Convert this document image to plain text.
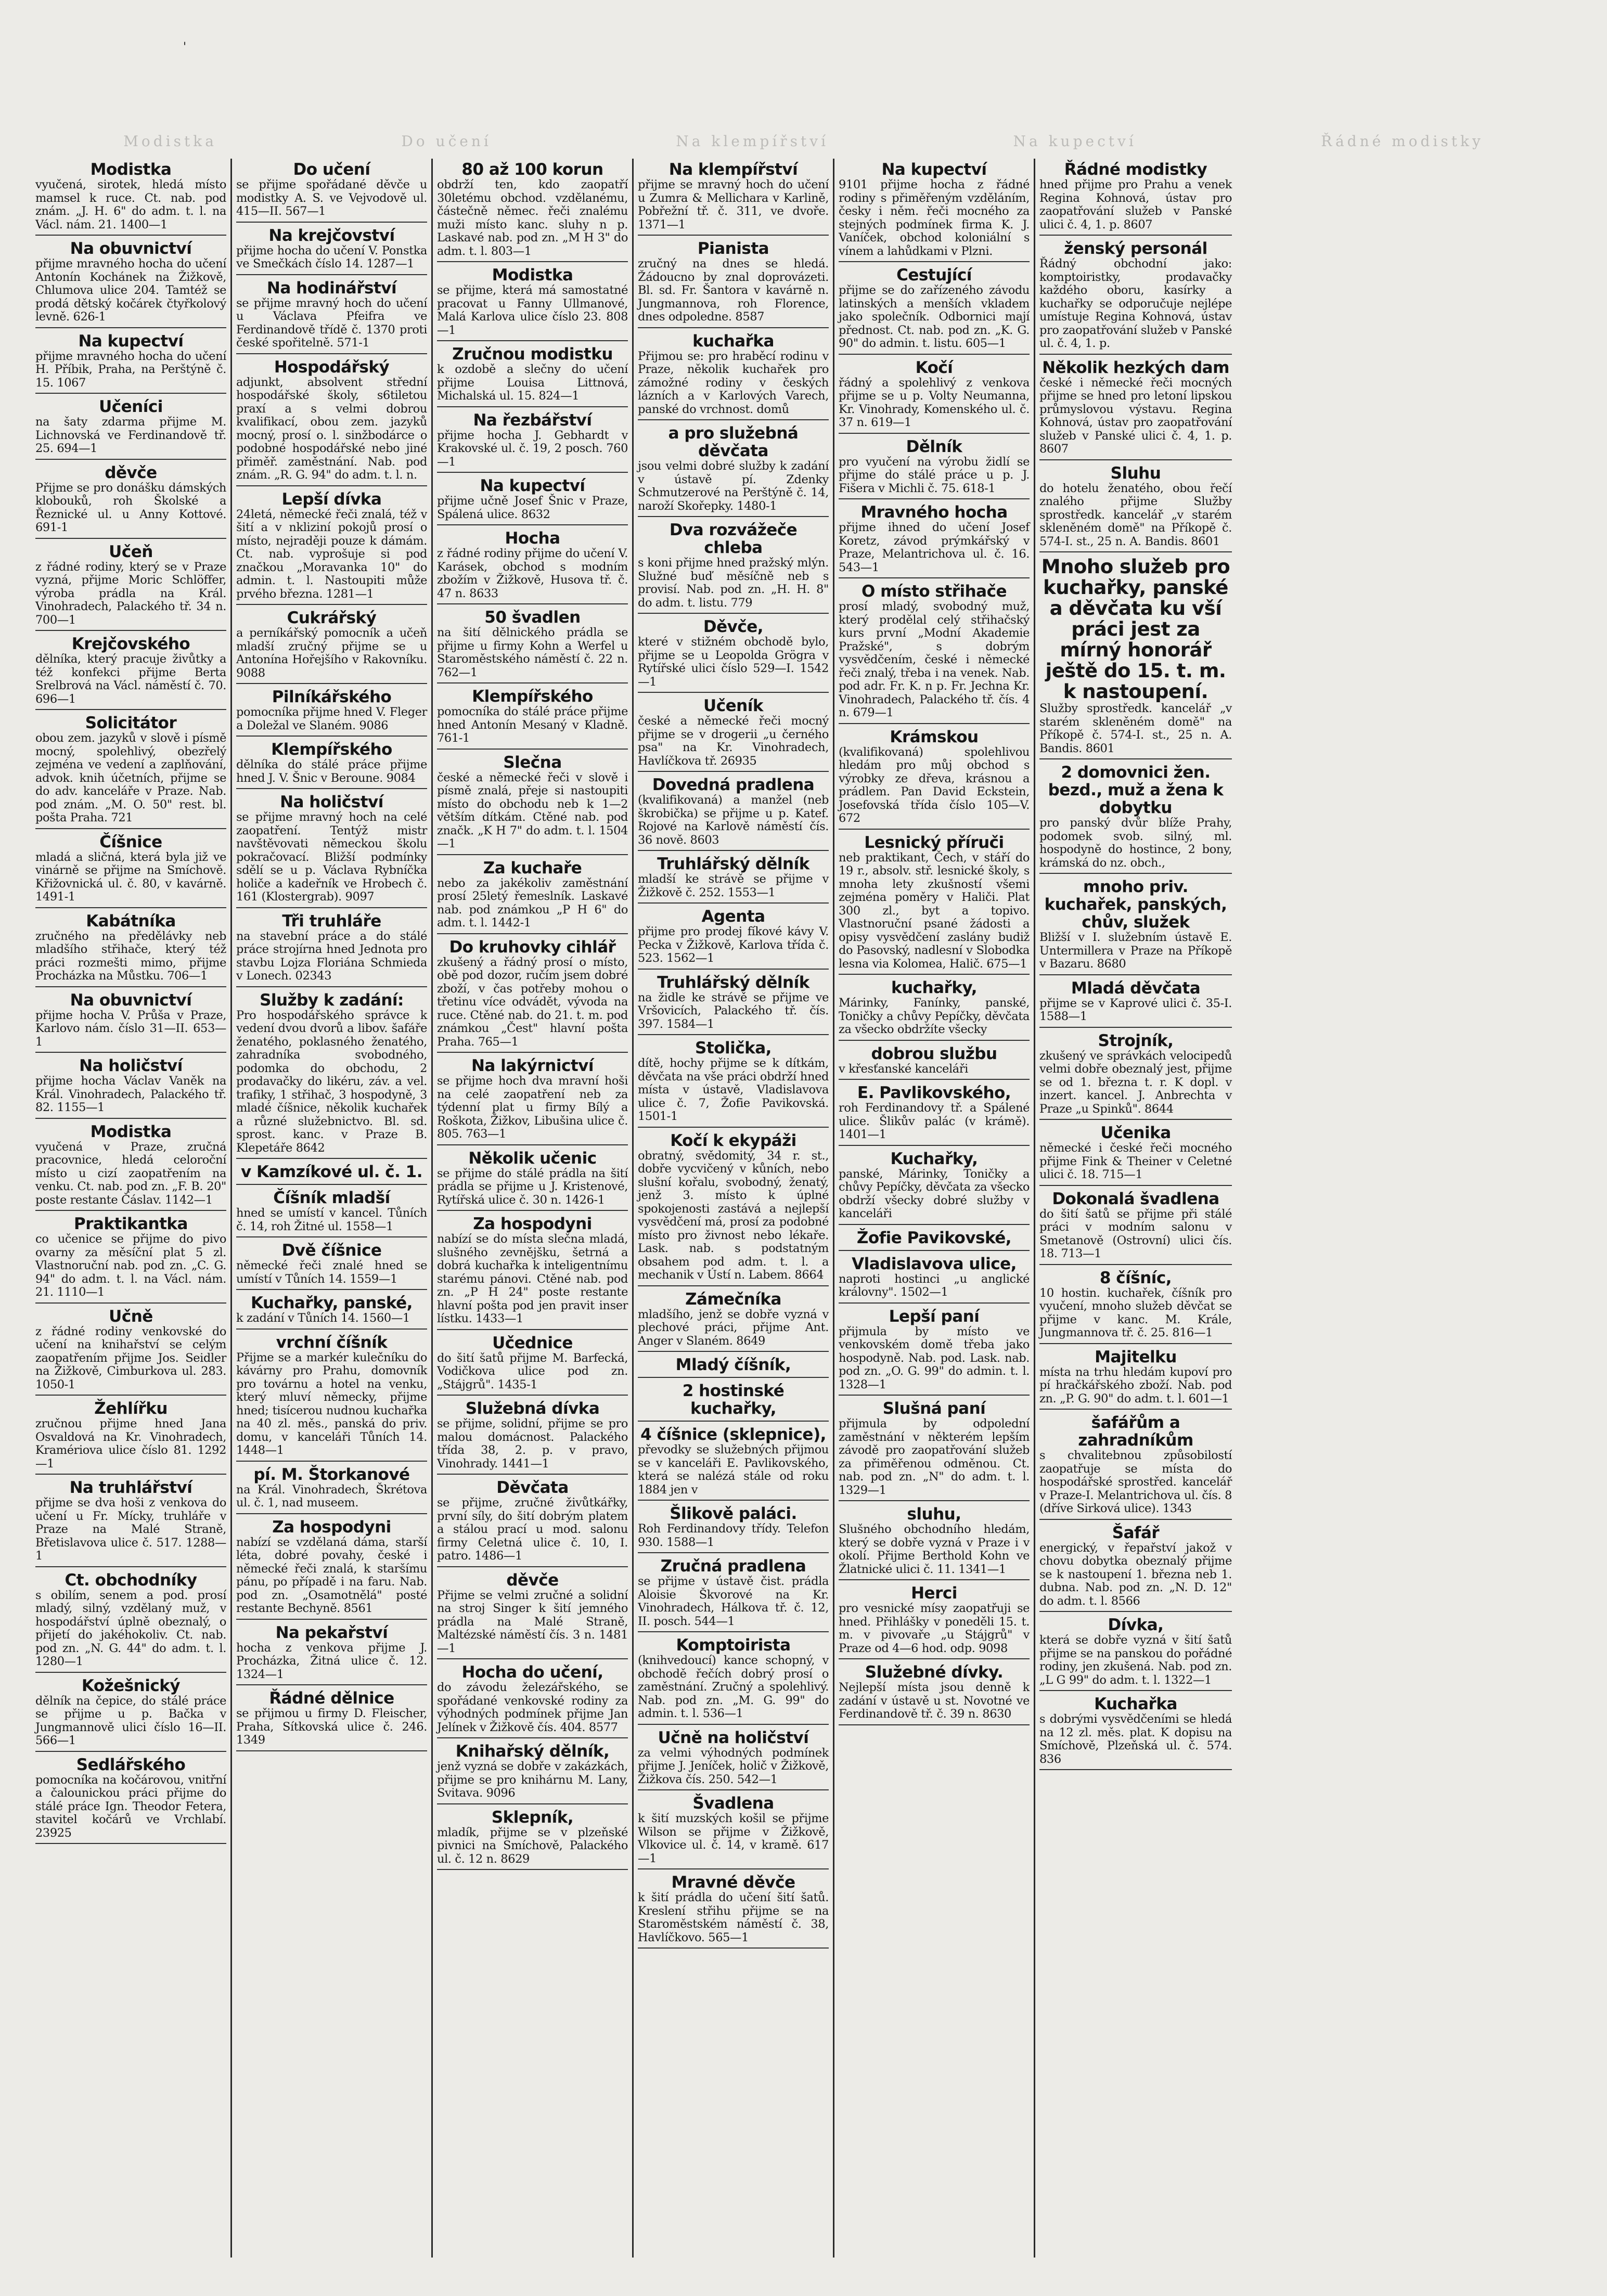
'
Modistka	Do učení	Na klempířství	Na kupectví	Řádné modistky
Modistka

vyučená, sirotek, hledá místo mamsel k ruce. Ct. nab. pod znám. „J. H. 6" do adm. t. l. na Václ. nám. 21. 1400—1

Na obuvnictví

přijme mravného hocha do učení Antonín Kochánek na Žižkově, Chlumova ulice 204. Tamtéž se prodá dětský kočárek čtyřkolový levně. 626-1

Na kupectví

přijme mravného hocha do učení H. Příbik, Praha, na Perštýně č. 15. 1067

Učeníci

na šaty zdarma přijme M. Lichnovská ve Ferdinandově tř. 25. 694—1

děvče

Přijme se pro donášku dámských klobouků, roh Školské a Řeznické ul. u Anny Kottové. 691-1

Učeň

z řádné rodiny, který se v Praze vyzná, přijme Moric Schlöffer, výroba prádla na Král. Vinohradech, Palackého tř. 34 n. 700—1

Krejčovského

dělníka, který pracuje živůtky a též konfekci přijme Berta Srelbrová na Václ. náměstí č. 70. 696—1

Solicitátor

obou zem. jazyků v slově i písmě mocný, spolehlivý, obezřelý zejména ve vedení a zaplňování, advok. knih účetních, přijme se do adv. kanceláře v Praze. Nab. pod znám. „M. O. 50" rest. bl. pošta Praha. 721

Číšnice

mladá a sličná, která byla již ve vinárně se přijme na Smíchově. Křižovnická ul. č. 80, v kavárně. 1491-1

Kabátníka

zručného na předělávky neb mladšího střihače, který též práci rozmešti mimo, přijme Procházka na Můstku. 706—1

Na obuvnictví

přijme hocha V. Průša v Praze, Karlovo nám. číslo 31—II. 653—1

Na holičství

přijme hocha Václav Vaněk na Král. Vinohradech, Palackého tř. 82. 1155—1

Modistka

vyučená v Praze, zručná pracovnice, hledá celoroční místo u cizí zaopatřením na venku. Ct. nab. pod zn. „F. B. 20" poste restante Čáslav. 1142—1

Praktikantka

co učenice se přijme do pivo ovarny za měsíční plat 5 zl. Vlastnoruční nab. pod zn. „C. G. 94" do adm. t. l. na Václ. nám. 21. 1110—1

Učně

z řádné rodiny venkovské do učení na knihařství se celým zaopatřením přijme Jos. Seidler na Žižkově, Cimburkova ul. 283. 1050-1

Žehlířku

zručnou přijme hned Jana Osvaldová na Kr. Vinohradech, Kramériova ulice číslo 81. 1292—1

Na truhlářství

přijme se dva hoši z venkova do učení u Fr. Mícky, truhláře v Praze na Malé Straně, Břetislavova ulice č. 517. 1288—1

Ct. obchodníky

s obilím, senem a pod. prosí mladý, silný, vzdělaný muž, v hospodářství úplně obeznalý, o přijetí do jakéhokoliv. Ct. nab. pod zn. „N. G. 44" do adm. t. l. 1280—1

Kožešnický

dělník na čepice, do stálé práce se přijme u p. Bačka v Jungmannově ulici číslo 16—II. 566—1

Sedlářského

pomocníka na kočárovou, vnitřní a čalounickou práci přijme do stálé práce Ign. Theodor Fetera, stavitel kočárů ve Vrchlabí. 23925

Do učení

se přijme spořádané děvče u modistky A. S. ve Vejvodově ul. 415—II. 567—1

Na krejčovství

přijme hocha do učení V. Ponstka ve Smečkách číslo 14. 1287—1

Na hodinářství

se přijme mravný hoch do učení u Václava Pfeifra ve Ferdinandově třídě č. 1370 proti české spořitelně. 571-1

Hospodářský

adjunkt, absolvent střední hospodářské školy, s6tiletou praxí a s velmi dobrou kvalifikací, obou zem. jazyků mocný, prosí o. l. sinžbodárce o podobné hospodářské nebo jiné přiměř. zaměstnání. Nab. pod znám. „R. G. 94" do adm. t. l. n.

Lepší dívka

24letá, německé řeči znalá, též v šití a v nkliziní pokojů prosí o místo, nejraději pouze k dámám. Ct. nab. vyprošuje si pod značkou „Moravanka 10" do admin. t. l. Nastoupiti může prvého března. 1281—1

Cukrářský

a perníkářský pomocník a učeň mladší zručný přijme se u Antonína Hořejšího v Rakovníku. 9088

Pilníkářského

pomocníka přijme hned V. Fleger a Doležal ve Slaném. 9086

Klempířského

dělníka do stálé práce přijme hned J. V. Šnic v Beroune. 9084

Na holičství

se přijme mravný hoch na celé zaopatření. Tentýž mistr navštěvovati německou školu pokračovací. Bližší podmínky sdělí se u p. Václava Rybníčka holiče a kadeřník ve Hrobech č. 161 (Klostergrab). 9097

Tři truhláře

na stavební práce a do stálé práce strojírna hned Jednota pro stavbu Lojza Floriána Schmieda v Lonech. 02343

Služby k zadání:

Pro hospodářského správce k vedení dvou dvorů a libov. šafáře ženatého, poklasného ženatého, zahradníka svobodného, podomka do obchodu, 2 prodavačky do likéru, záv. a vel. trafiky, 1 střihač, 3 hospodyně, 3 mladé číšnice, několik kuchařek a různé služebnictvo. Bl. sd. sprost. kanc. v Praze B. Klepetáře 8642

v Kamzíkové ul. č. 1.
Číšník mladší

hned se umístí v kancel. Tůních č. 14, roh Žitné ul. 1558—1

Dvě číšnice

německé řeči znalé hned se umístí v Tůních 14. 1559—1

Kuchařky, panské,

k zadání v Tůních 14. 1560—1

vrchní číšník

Přijme se a markér kulečníku do kávárny pro Prahu, domovník pro továrnu a hotel na venku, který mluví německy, přijme hned; tisícerou nudnou kuchařka na 40 zl. měs., panská do priv. domu, v kanceláři Tůních 14. 1448—1

pí. M. Štorkanové

na Král. Vinohradech, Škrétova ul. č. 1, nad museem.

Za hospodyni

nabízí se vzdělaná dáma, starší léta, dobré povahy, české i německé řeči znalá, k staršímu pánu, po případě i na faru. Nab. pod zn. „Osamotnělá" posté restante Bechyně. 8561

Na pekařství

hocha z venkova přijme J. Procházka, Žitná ulice č. 12. 1324—1

Řádné dělnice

se přijmou u firmy D. Fleischer, Praha, Sítkovská ulice č. 246. 1349

80 až 100 korun

obdrží ten, kdo zaopatří 30letému obchod. vzdělanému, částečně němec. řeči znalému muži místo kanc. sluhy n p. Laskavé nab. pod zn. „M H 3" do adm. t. l. 803—1

Modistka

se přijme, která má samostatné pracovat u Fanny Ullmanové, Malá Karlova ulice číslo 23. 808—1

Zručnou modistku

k ozdobě a slečny do učení přijme Louisa Littnová, Michalská ul. 15. 824—1

Na řezbářství

přijme hocha J. Gebhardt v Krakovské ul. č. 19, 2 posch. 760—1

Na kupectví

přijme učně Josef Šnic v Praze, Spálená ulice. 8632

Hocha

z řádné rodiny přijme do učení V. Karásek, obchod s modním zbožím v Žižkově, Husova tř. č. 47 n. 8633

50 švadlen

na šití dělnického prádla se přijme u firmy Kohn a Werfel u Staroměstského náměstí č. 22 n. 762—1

Klempířského

pomocníka do stálé práce přijme hned Antonín Mesaný v Kladně. 761-1

Slečna

české a německé řeči v slově i písmě znalá, přeje si nastoupiti místo do obchodu neb k 1—2 větším dítkám. Ctěné nab. pod značk. „K H 7" do adm. t. l. 1504—1

Za kuchaře

nebo za jakékoliv zaměstnání prosí 25letý řemeslník. Laskavé nab. pod známkou „P H 6" do adm. t. l. 1442-1

Do kruhovky cihlář

zkušený a řádný prosí o místo, obě pod dozor, ručím jsem dobré zboží, v čas potřeby mohou o třetinu více odvádět, vývoda na ruce. Ctěné nab. do 21. t. m. pod známkou „Čest" hlavní pošta Praha. 765—1

Na lakýrnictví

se přijme hoch dva mravní hoši na celé zaopatření neb za týdenní plat u firmy Bílý a Roškota, Žižkov, Libušina ulice č. 805. 763—1

Několik učenic

se přijme do stálé prádla na šití prádla se přijme u J. Kristenové, Rytířská ulice č. 30 n. 1426-1

Za hospodyni

nabízí se do místa slečna mladá, slušného zevnějšku, šetrná a dobrá kuchařka k inteligentnímu starému pánovi. Ctěné nab. pod zn. „P H 24" poste restante hlavní pošta pod jen pravit inser lístku. 1433—1

Učednice

do šití šatů přijme M. Barfecká, Vodičkova ulice pod zn. „Stájgrů". 1435-1

Služebná dívka

se přijme, solidní, přijme se pro malou domácnost. Palackého třída 38, 2. p. v pravo, Vinohrady. 1441—1

Děvčata

se přijme, zručné živůtkářky, první síly, do šití dobrým platem a stálou prací u mod. salonu firmy Celetná ulice č. 10, I. patro. 1486—1

děvče

Přijme se velmi zručné a solidní na stroj Singer k šití jemného prádla na Malé Straně, Maltézské náměstí čís. 3 n. 1481—1

Hocha do učení,

do závodu železářského, se spořádané venkovské rodiny za výhodných podmínek přijme Jan Jelínek v Žižkově čís. 404. 8577

Knihařský dělník,

jenž vyzná se dobře v zakázkách, přijme se pro knihárnu M. Lany, Svitava. 9096

Sklepník,

mladík, přijme se v plzeňské pivnici na Smíchově, Palackého ul. č. 12 n. 8629

Na klempířství

přijme se mravný hoch do učení u Zumra & Mellichara v Karlině, Pobřežní tř. č. 311, ve dvoře. 1371—1

Pianista

zručný na dnes se hledá. Žádoucno by znal doprovázeti. Bl. sd. Fr. Šantora v kavárně n. Jungmannova, roh Florence, dnes odpoledne. 8587

kuchařka

Přijmou se: pro hraběcí rodinu v Praze, několik kuchařek pro zámožné rodiny v českých lázních a v Karlových Varech, panské do vrchnost. domů

a pro služebná děvčata

jsou velmi dobré služby k zadání v ústavě pí. Zdenky Schmutzerové na Perštýně č. 14, naroží Skořepky. 1480-1

Dva rozvážeče chleba

s koni přijme hned pražský mlýn. Služné buď měsíčně neb s provisí. Nab. pod zn. „H. H. 8" do adm. t. listu. 779

Děvče,

které v stižném obchodě bylo, přijme se u Leopolda Grögra v Rytířské ulici číslo 529—I. 1542—1

Učeník

české a německé řeči mocný přijme se v drogerii „u černého psa" na Kr. Vinohradech, Havlíčkova tř. 26935

Dovedná pradlena

(kvalifikovaná) a manžel (neb škrobička) se přijme u p. Katef. Rojové na Karlově náměstí čís. 36 nově. 8603

Truhlářský dělník

mladší ke strávě se přijme v Žižkově č. 252. 1553—1

Agenta

přijme pro prodej fíkové kávy V. Pecka v Žižkově, Karlova třída č. 523. 1562—1

Truhlářský dělník

na židle ke strávě se přijme ve Vršovicích, Palackého tř. čís. 397. 1584—1

Stolička,

dítě, hochy přijme se k dítkám, děvčata na vše práci obdrží hned místa v ústavě, Vladislavova ulice č. 7, Žofie Pavikovská. 1501-1

Kočí k ekypáži

obratný, svědomitý, 34 r. st., dobře vycvičený v kůních, nebo slušní kořalu, svobodný, ženatý, jenž 3. místo k úplné spokojenosti zastává a nejlepší vysvědčení má, prosí za podobné místo pro živnost nebo lékaře. Lask. nab. s podstatným obsahem pod adm. t. l. a mechanik v Ústí n. Labem. 8664

Zámečníka

mladšího, jenž se dobře vyzná v plechové práci, přijme Ant. Anger v Slaném. 8649

Mladý číšník,
2 hostinské kuchařky,
4 číšnice (sklepnice),

převodky se služebných přijmou se v kanceláři E. Pavlikovského, která se nalézá stále od roku 1884 jen v

Šlikově paláci.

Roh Ferdinandovy třídy. Telefon 930. 1588—1

Zručná pradlena

se přijme v ústavě čist. prádla Aloisie Škvorové na Kr. Vinohradech, Hálkova tř. č. 12, II. posch. 544—1

Komptoiristа

(knihvedoucí) kance schopný, v obchodě řečích dobrý prosí o zaměstnání. Zručný a spolehlivý. Nab. pod zn. „M. G. 99" do admin. t. l. 536—1

Učně na holičství

za velmi výhodných podmínek přijme J. Jeníček, holič v Žižkově, Žižkova čís. 250. 542—1

Švadlena

k šití muzských košil se přijme Wilson se přijme v Žižkově, Vlkovice ul. č. 14, v kramě. 617—1

Mravné děvče

k šití prádla do učení šití šatů. Kreslení střihu přijme se na Staroměstském náměstí č. 38, Havlíčkovo. 565—1

Na kupectví

9101 přijme hocha z řádné rodiny s přiměřeným vzděláním, česky i něm. řeči mocného za stejných podmínek firma K. J. Vaníček, obchod koloniální s vínem a lahůdkami v Plzni.

Cestující

přijme se do zařízeného závodu latinských a menších vkladem jako společník. Odbornici mají přednost. Ct. nab. pod zn. „K. G. 90" do admin. t. listu. 605—1

Kočí

řádný a spolehlivý z venkova přijme se u p. Volty Neumanna, Kr. Vinohrady, Komenského ul. č. 37 n. 619—1

Dělník

pro vyučení na výrobu židlí se přijme do stálé práce u p. J. Fišera v Michli č. 75. 618-1

Mravného hocha

přijme ihned do učení Josef Koretz, závod prýmkářský v Praze, Melantrichova ul. č. 16. 543—1

O místo střihače

prosí mladý, svobodný muž, který prodělal celý střihačský kurs první „Modní Akademie Pražské", s dobrým vysvědčením, české i německé řeči znalý, třeba i na venek. Nab. pod adr. Fr. K. n p. Fr. Jechna Kr. Vinohradech, Palackého tř. čís. 4 n. 679—1

Krámskou

(kvalifikovaná) spolehlivou hledám pro můj obchod s výrobky ze dřeva, krásnou a prádlem. Pan David Eckstein, Josefovská třída číslo 105—V. 672

Lesnický příruči

neb praktikant, Čech, v stáří do 19 r., absolv. stř. lesnické školy, s mnoha lety zkušností všemi zejména poměry v Haliči. Plat 300 zl., byt a topivo. Vlastnoruční psané žádosti a opisy vysvědčení zaslány budiž do Pasovský, nadlesní v Slobodka lesna via Kolomea, Halič. 675—1

kuchařky,

Márinky, Fanínky, panské, Toničky a chůvy Pepíčky, děvčata za všecko obdržíte všecky

dobrou službu

v křesťanské kanceláři

E. Pavlikovského,

roh Ferdinandovy tř. a Spálené ulice. Šlikův palác (v krámě). 1401—1

Kuchařky,

panské, Márinky, Toničky a chůvy Pepíčky, děvčata za všecko obdrží všecky dobré služby v kanceláři

Žofie Pavikovské,
Vladislavova ulice,

naproti hostinci „u anglické královny". 1502—1

Lepší paní

přijmula by místo ve venkovském domě třeba jako hospodyně. Nab. pod. Lask. nab. pod zn. „O. G. 99" do admin. t. l. 1328—1

Slušná paní

přijmula by odpolední zaměstnání v některém lepším závodě pro zaopatřování služeb za přiměřenou odměnou. Ct. nab. pod zn. „N" do adm. t. l. 1329—1

sluhu,

Slušného obchodního hledám, který se dobře vyzná v Praze i v okolí. Přijme Berthold Kohn ve Žlatnické ulici č. 11. 1341—1

Herci

pro vesnické mísy zaopatřuji se hned. Přihlášky v poneděli 15. t. m. v pivovaře „u Stájgrů" v Praze od 4—6 hod. odp. 9098

Služebné dívky.

Nejlepší místa jsou denně k zadání v ústavě u st. Novotné ve Ferdinandově tř. č. 39 n. 8630

Řádné modistky

hned přijme pro Prahu a venek Regina Kohnová, ústav pro zaopatřování služeb v Panské ulici č. 4, 1. p. 8607

ženský personál

Řádný obchodní jako: komptoiristky, prodavačky každého oboru, kasírky a kuchařky se odporučuje nejlépe umístuje Regina Kohnová, ústav pro zaopatřování služeb v Panské ul. č. 4, 1. p.

Několik hezkých dam

české i německé řeči mocných přijme se hned pro letoní lipskou průmyslovou výstavu. Regina Kohnová, ústav pro zaopatřování služeb v Panské ulici č. 4, 1. p. 8607

Sluhu

do hotelu ženatého, obou řečí znalého přijme Služby sprostředk. kancelář „v starém skleněném domě" na Příkopě č. 574-I. st., 25 n. A. Bandis. 8601

Mnoho služeb pro kuchařky, panské a děvčata ku vší práci jest za mírný honorář ještě do 15. t. m. k nastoupení.

Služby sprostředk. kancelář „v starém skleněném domě" na Příkopě č. 574-I. st., 25 n. A. Bandis. 8601

2 domovnici žen. bezd., muž a žena k dobytku

pro panský dvůr blíže Prahy, podomek svob. silný, ml. hospodyně do hostince, 2 bony, krámská do nz. obch.,

mnoho priv. kuchařek, panských, chův, služek

Bližší v I. služebním ústavě E. Untermillera v Praze na Příkopě v Bazaru. 8680

Mladá děvčata

přijme se v Kaprové ulici č. 35-I. 1588—1

Strojník,

zkušený ve správkách velocipedů velmi dobře obeznalý jest, přijme se od 1. března t. r. K dopl. v inzert. kancel. J. Anbrechta v Praze „u Spinků". 8644

Učenika

německé i české řeči mocného přijme Fink & Theiner v Celetné ulici č. 18. 715—1

Dokonalá švadlena

do šití šatů se přijme při stálé práci v modním salonu v Smetanově (Ostrovní) ulici čís. 18. 713—1

8 číšníc,

10 hostin. kuchařek, číšník pro vyučení, mnoho služeb děvčat se přijme v kanc. M. Krále, Jungmannova tř. č. 25. 816—1

Majitelku

místa na trhu hledám kupoví pro pí hračkářského zboží. Nab. pod zn. „P. G. 90" do adm. t. l. 601—1

šafářům a zahradníkům

s chvalitebnou způsobilostí zaopatřuje se místa do hospodářské sprostřed. kancelář v Praze-I. Melantrichova ul. čís. 8 (dříve Sirková ulice). 1343

Šafář

energický, v řepařství jakož v chovu dobytka obeznalý přijme se k nastoupení 1. března neb 1. dubna. Nab. pod zn. „N. D. 12" do adm. t. l. 8566

Dívka,

která se dobře vyzná v šití šatů přijme se na panskou do pořádné rodiny, jen zkušená. Nab. pod zn. „L G 99" do adm. t. l. 1322—1

Kuchařka

s dobrými vysvědčeními se hledá na 12 zl. měs. plat. K dopisu na Smíchově, Plzeňská ul. č. 574. 836
